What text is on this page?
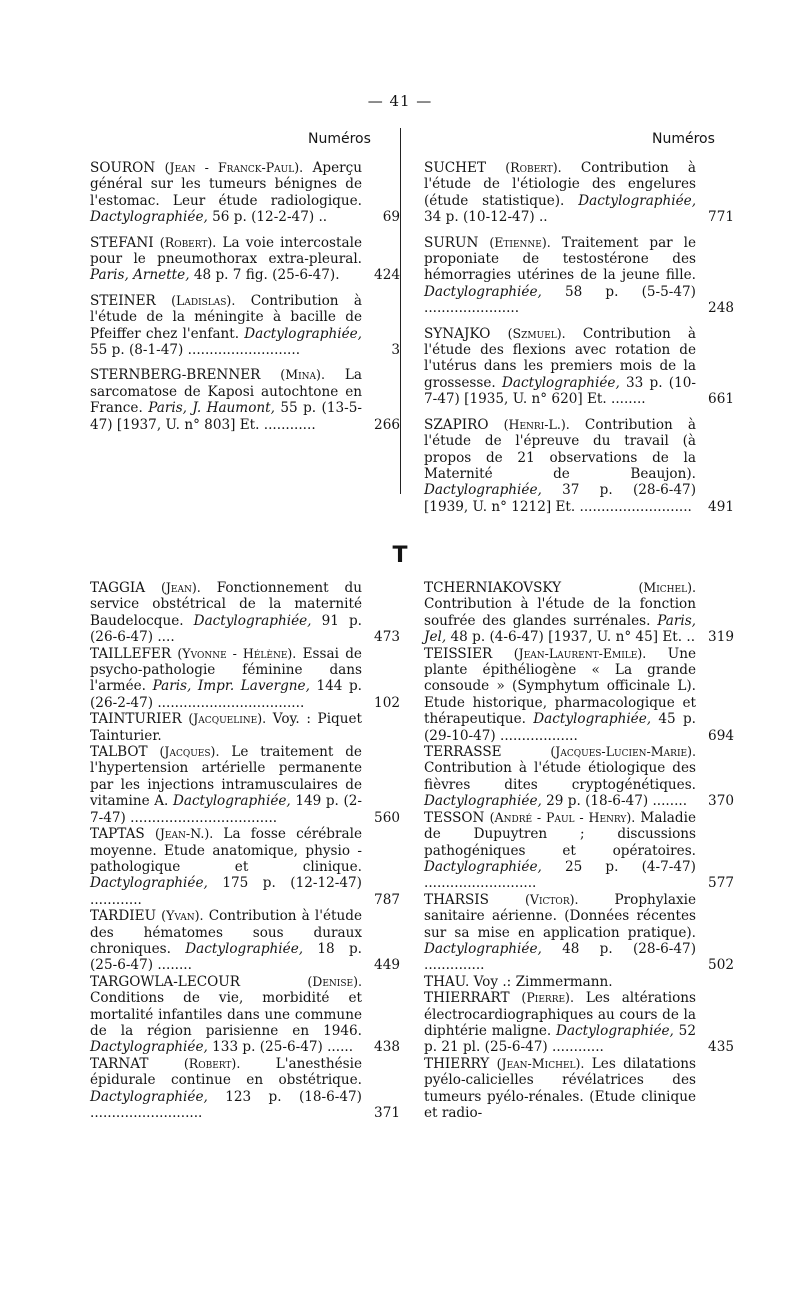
— 41 —
Numéros	Numéros
SOURON (Jean - Franck-Paul). Aperçu général sur les tumeurs bénignes de l'estomac. Leur étude radiologique. Dactylographiée, 56 p. (12-2-47) ..	69
STEFANI (Robert). La voie intercostale pour le pneumothorax extra-pleural. Paris, Arnette, 48 p. 7 fig. (25-6-47).	424
STEINER (Ladislas). Contribution à l'étude de la méningite à bacille de Pfeiffer chez l'enfant. Dactylographiée, 55 p. (8-1-47) ..........................	3
STERNBERG-BRENNER (Mina). La sarcomatose de Kaposi autochtone en France. Paris, J. Haumont, 55 p. (13-5-47) [1937, U. n° 803] Et. ............	266
SUCHET (Robert). Contribution à l'étude de l'étiologie des engelures (étude statistique). Dactylographiée, 34 p. (10-12-47) ..	771
SURUN (Etienne). Traitement par le proponiate de testostérone des hémorragies utérines de la jeune fille. Dactylographiée, 58 p. (5-5-47) ......................	248
SYNAJKO (Szmuel). Contribution à l'étude des flexions avec rotation de l'utérus dans les premiers mois de la grossesse. Dactylographiée, 33 p. (10-7-47) [1935, U. n° 620] Et. ........	661
SZAPIRO (Henri-L.). Contribution à l'étude de l'épreuve du travail (à propos de 21 observations de la Maternité de Beaujon). Dactylographiée, 37 p. (28-6-47) [1939, U. n° 1212] Et. ..........................	491
T
TAGGIA (Jean). Fonctionnement du service obstétrical de la maternité Baudelocque. Dactylographiée, 91 p. (26-6-47) ....	473
TAILLEFER (Yvonne - Hélène). Essai de psycho-pathologie féminine dans l'armée. Paris, Impr. Lavergne, 144 p. (26-2-47) ..................................	102
TAINTURIER (Jacqueline). Voy. : Piquet Tainturier.
TALBOT (Jacques). Le traitement de l'hypertension artérielle permanente par les injections intramusculaires de vitamine A. Dactylographiée, 149 p. (2-7-47) ..................................	560
TAPTAS (Jean-N.). La fosse cérébrale moyenne. Etude anatomique, physio - pathologique et clinique. Dactylographiée, 175 p. (12-12-47) ............	787
TARDIEU (Yvan). Contribution à l'étude des hématomes sous duraux chroniques. Dactylographiée, 18 p. (25-6-47) ........	449
TARGOWLA-LECOUR	(Denise). Conditions de vie, morbidité et mortalité infantiles dans une commune de la région parisienne en 1946. Dactylographiée, 133 p. (25-6-47) ......	438
TARNAT	(Robert).	L'anesthésie épidurale continue en obstétrique. Dactylographiée, 123 p. (18-6-47) ..........................	371
TCHERNIAKOVSKY	(Michel). Contribution à l'étude de la fonction soufrée des glandes surrénales. Paris, Jel, 48 p. (4-6-47) [1937, U. n° 45] Et. .. 319
TEISSIER (Jean-Laurent-Emile). Une plante épithéliogène « La grande consoude » (Symphytum officinale L). Etude historique, pharmacologique et thérapeutique. Dactylographiée, 45 p. (29-10-47) ..................	694
TERRASSE	(Jacques-Lucien-Marie). Contribution à l'étude étiologique des fièvres dites cryptogénétiques. Dactylographiée, 29 p. (18-6-47) ........	370
TESSON (André - Paul - Henry). Maladie de Dupuytren ; discussions pathogéniques et opératoires. Dactylographiée, 25 p. (4-7-47) ..........................	577
THARSIS	(Victor).	Prophylaxie sanitaire aérienne. (Données récentes sur sa mise en application pratique). Dactylographiée, 48 p. (28-6-47) ..............	502
THAU. Voy .: Zimmermann.
THIERRART (Pierre). Les altérations électrocardiographiques au cours de la diphtérie maligne. Dactylographiée, 52 p. 21 pl. (25-6-47) ............	435
THIERRY (Jean-Michel). Les dilatations pyélo-calicielles révélatrices des tumeurs pyélo-rénales. (Etude clinique et radio-
